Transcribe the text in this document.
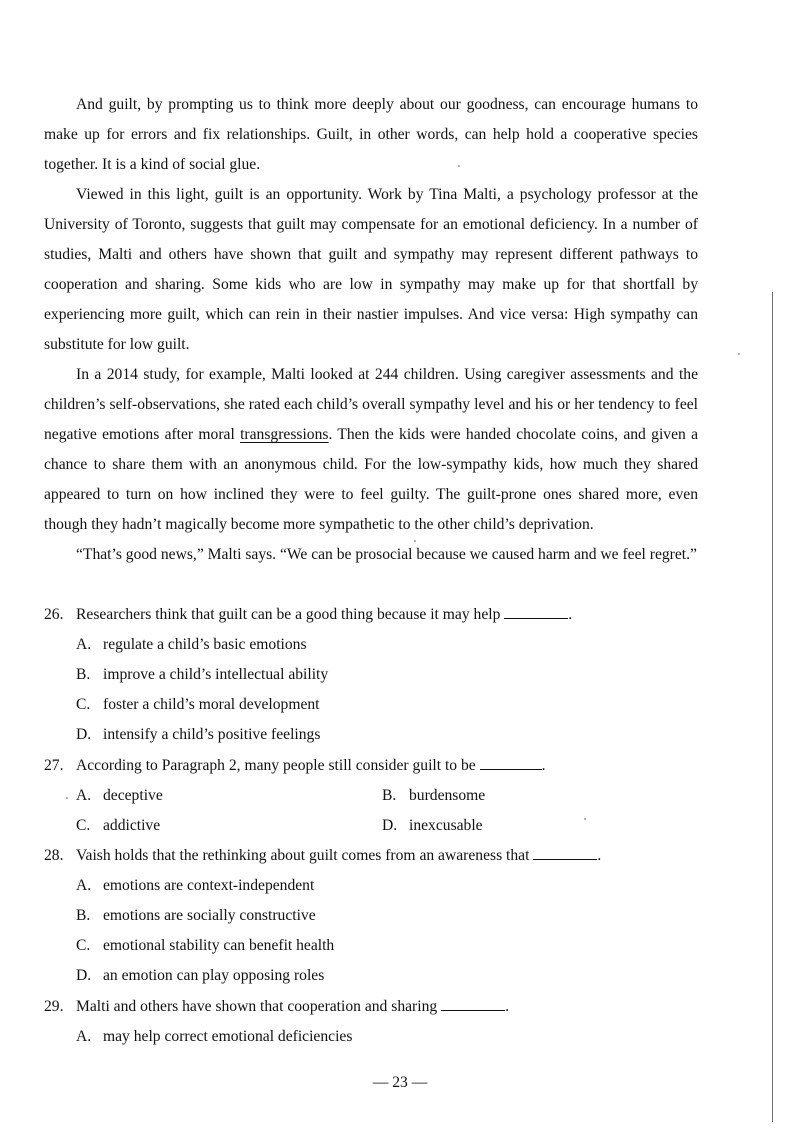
And guilt, by prompting us to think more deeply about our goodness, can encourage humans to make up for errors and fix relationships. Guilt, in other words, can help hold a cooperative species together. It is a kind of social glue.

Viewed in this light, guilt is an opportunity. Work by Tina Malti, a psychology professor at the University of Toronto, suggests that guilt may compensate for an emotional deficiency. In a number of studies, Malti and others have shown that guilt and sympathy may represent different pathways to cooperation and sharing. Some kids who are low in sympathy may make up for that shortfall by experiencing more guilt, which can rein in their nastier impulses. And vice versa: High sympathy can substitute for low guilt.

In a 2014 study, for example, Malti looked at 244 children. Using caregiver assessments and the children’s self-observations, she rated each child’s overall sympathy level and his or her tendency to feel negative emotions after moral transgressions. Then the kids were handed chocolate coins, and given a chance to share them with an anonymous child. For the low-sympathy kids, how much they shared appeared to turn on how inclined they were to feel guilty. The guilt-prone ones shared more, even though they hadn’t magically become more sympathetic to the other child’s deprivation.

“That’s good news,” Malti says. “We can be prosocial because we caused harm and we feel regret.”

26. Researchers think that guilt can be a good thing because it may help	.
A. regulate a child’s basic emotions
B. improve a child’s intellectual ability
C. foster a child’s moral development
D. intensify a child’s positive feelings
27. According to Paragraph 2, many people still consider guilt to be	.
A. deceptive	B. burdensome
C. addictive	D. inexcusable
28. Vaish holds that the rethinking about guilt comes from an awareness that	.
A. emotions are context-independent
B. emotions are socially constructive
C. emotional stability can benefit health
D. an emotion can play opposing roles
29. Malti and others have shown that cooperation and sharing	.
A. may help correct emotional deficiencies
— 23 —
